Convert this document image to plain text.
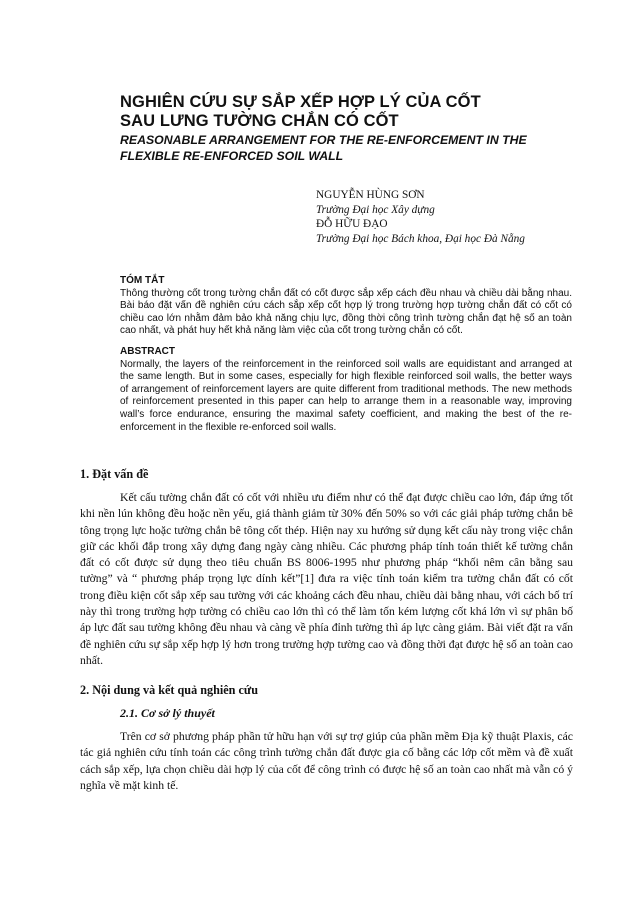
NGHIÊN CỨU SỰ SẮP XẾP HỢP LÝ CỦA CỐT

SAU LƯNG TƯỜNG CHẮN CÓ CỐT

REASONABLE ARRANGEMENT FOR THE RE-ENFORCEMENT IN THE

FLEXIBLE RE-ENFORCED SOIL WALL

NGUYỄN HÙNG SƠN
Trường Đại học Xây dựng
ĐỖ HỮU ĐẠO
Trường Đại học Bách khoa, Đại học Đà Nẵng
TÓM TẮT
Thông thường cốt trong tường chắn đất có cốt được sắp xếp cách đều nhau và chiều dài bằng nhau. Bài báo đặt vấn đề nghiên cứu cách sắp xếp cốt hợp lý trong trường hợp tường chắn đất có cốt có chiều cao lớn nhằm đảm bảo khả năng chịu lực, đồng thời công trình tường chắn đạt hệ số an toàn cao nhất, và phát huy hết khả năng làm việc của cốt trong tường chắn có cốt.
ABSTRACT
Normally, the layers of the reinforcement in the reinforced soil walls are equidistant and arranged at the same length. But in some cases, especially for high flexible reinforced soil walls, the better ways of arrangement of reinforcement layers are quite different from traditional methods. The new methods of reinforcement presented in this paper can help to arrange them in a reasonable way, improving wall’s force endurance, ensuring the maximal safety coefficient, and making the best of the re-enforcement in the flexible re-enforced soil walls.
1. Đặt vấn đề

Kết cấu tường chắn đất có cốt với nhiều ưu điểm như có thể đạt được chiều cao lớn, đáp ứng tốt khi nền lún không đều hoặc nền yếu, giá thành giảm từ 30% đến 50% so với các giải pháp tường chắn bê tông trọng lực hoặc tường chắn bê tông cốt thép. Hiện nay xu hướng sử dụng kết cấu này trong việc chắn giữ các khối đắp trong xây dựng đang ngày càng nhiều. Các phương pháp tính toán thiết kế tường chắn đất có cốt được sử dụng theo tiêu chuẩn BS 8006-1995 như phương pháp “khối nêm cân bằng sau tường” và “ phương pháp trọng lực dính kết”[1] đưa ra việc tính toán kiểm tra tường chắn đất có cốt trong điều kiện cốt sắp xếp sau tường với các khoảng cách đều nhau, chiều dài bằng nhau, với cách bố trí này thì trong trường hợp tường có chiều cao lớn thì có thể làm tốn kém lượng cốt khá lớn vì sự phân bố áp lực đất sau tường không đều nhau và càng về phía đỉnh tường thì áp lực càng giảm. Bài viết đặt ra vấn đề nghiên cứu sự sắp xếp hợp lý hơn trong trường hợp tường cao và đồng thời đạt được hệ số an toàn cao nhất.

2. Nội dung và kết quả nghiên cứu
2.1. Cơ sở lý thuyết

Trên cơ sở phương pháp phần tử hữu hạn với sự trợ giúp của phần mềm Địa kỹ thuật Plaxis, các tác giả nghiên cứu tính toán các công trình tường chắn đất được gia cố bằng các lớp cốt mềm và đề xuất cách sắp xếp, lựa chọn chiều dài hợp lý của cốt để công trình có được hệ số an toàn cao nhất mà vẫn có ý nghĩa về mặt kinh tế.
